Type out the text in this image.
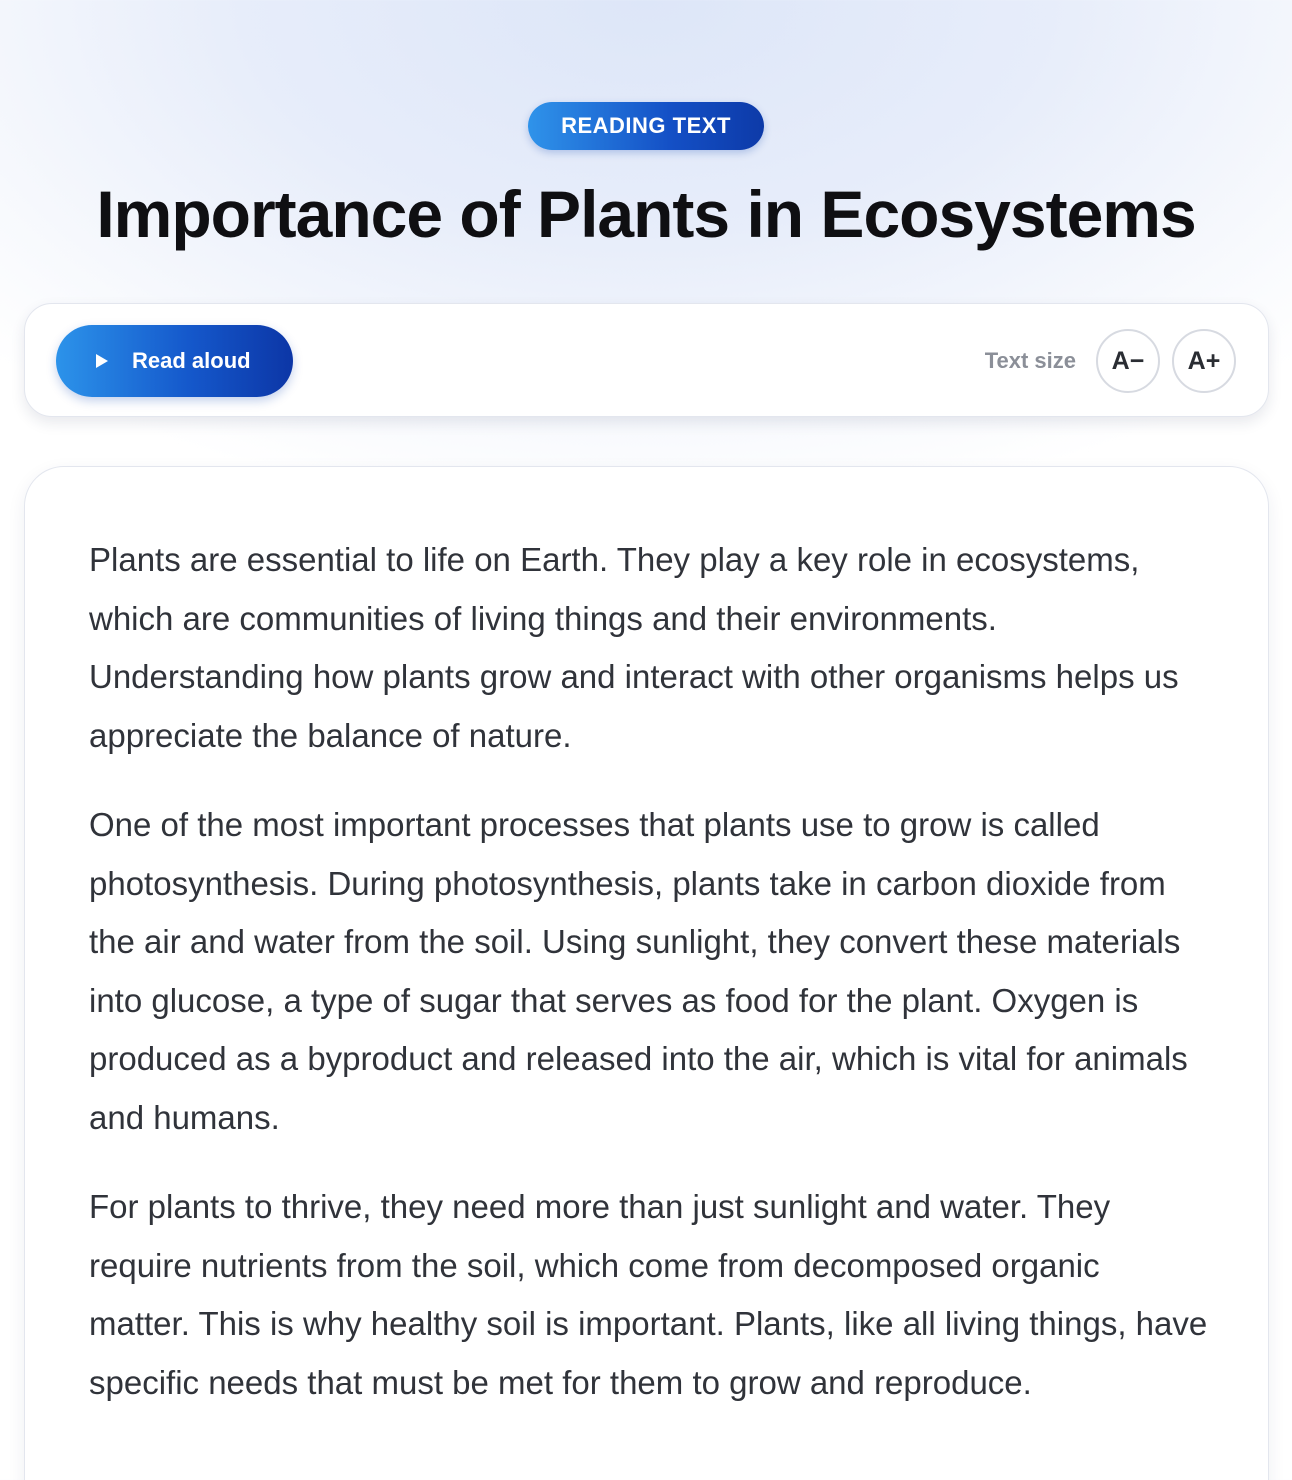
READING TEXT
Importance of Plants in Ecosystems
Read aloud	Text size	A−	A+

Plants are essential to life on Earth. They play a key role in ecosystems, which are communities of living things and their environments. Understanding how plants grow and interact with other organisms helps us appreciate the balance of nature.

One of the most important processes that plants use to grow is called photosynthesis. During photosynthesis, plants take in carbon dioxide from the air and water from the soil. Using sunlight, they convert these materials into glucose, a type of sugar that serves as food for the plant. Oxygen is produced as a byproduct and released into the air, which is vital for animals and humans.

For plants to thrive, they need more than just sunlight and water. They require nutrients from the soil, which come from decomposed organic matter. This is why healthy soil is important. Plants, like all living things, have specific needs that must be met for them to grow and reproduce.
